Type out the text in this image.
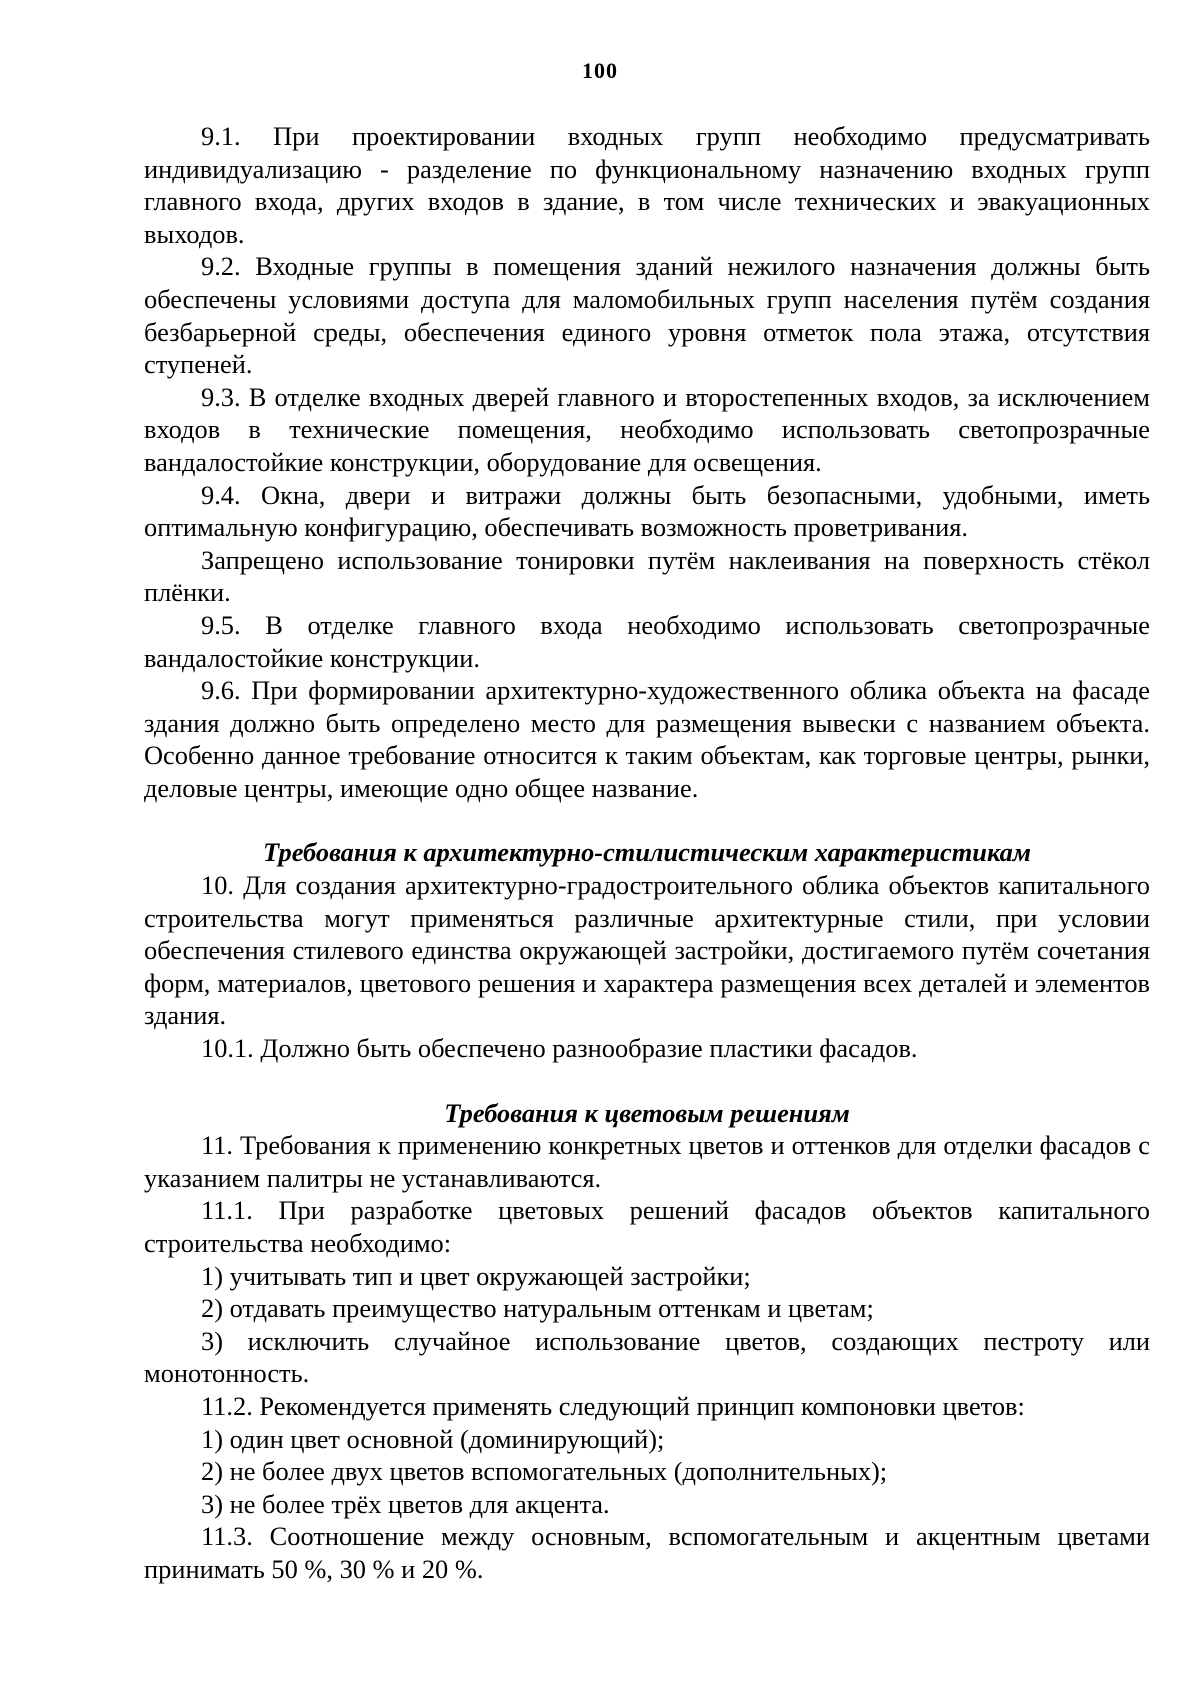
100

9.1. При проектировании входных групп необходимо предусматривать индивидуализацию - разделение по функциональному назначению входных групп главного входа, других входов в здание, в том числе технических и эвакуационных выходов.

9.2. Входные группы в помещения зданий нежилого назначения должны быть обеспечены условиями доступа для маломобильных групп населения путём создания безбарьерной среды, обеспечения единого уровня отметок пола этажа, отсутствия ступеней.

9.3. В отделке входных дверей главного и второстепенных входов, за исключением входов в технические помещения, необходимо использовать светопрозрачные вандалостойкие конструкции, оборудование для освещения.

9.4. Окна, двери и витражи должны быть безопасными, удобными, иметь оптимальную конфигурацию, обеспечивать возможность проветривания.

Запрещено использование тонировки путём наклеивания на поверхность стёкол плёнки.

9.5. В отделке главного входа необходимо использовать светопрозрачные вандалостойкие конструкции.

9.6. При формировании архитектурно-художественного облика объекта на фасаде здания должно быть определено место для размещения вывески с названием объекта. Особенно данное требование относится к таким объектам, как торговые центры, рынки, деловые центры, имеющие одно общее название.

Требования к архитектурно-стилистическим характеристикам

10. Для создания архитектурно-градостроительного облика объектов капитального строительства могут применяться различные архитектурные стили, при условии обеспечения стилевого единства окружающей застройки, достигаемого путём сочетания форм, материалов, цветового решения и характера размещения всех деталей и элементов здания.

10.1. Должно быть обеспечено разнообразие пластики фасадов.

Требования к цветовым решениям

11. Требования к применению конкретных цветов и оттенков для отделки фасадов с указанием палитры не устанавливаются.

11.1. При разработке цветовых решений фасадов объектов капитального строительства необходимо:

1) учитывать тип и цвет окружающей застройки;

2) отдавать преимущество натуральным оттенкам и цветам;

3) исключить случайное использование цветов, создающих пестроту или монотонность.

11.2. Рекомендуется применять следующий принцип компоновки цветов:

1) один цвет основной (доминирующий);

2) не более двух цветов вспомогательных (дополнительных);

3) не более трёх цветов для акцента.

11.3. Соотношение между основным, вспомогательным и акцентным цветами принимать 50 %, 30 % и 20 %.
